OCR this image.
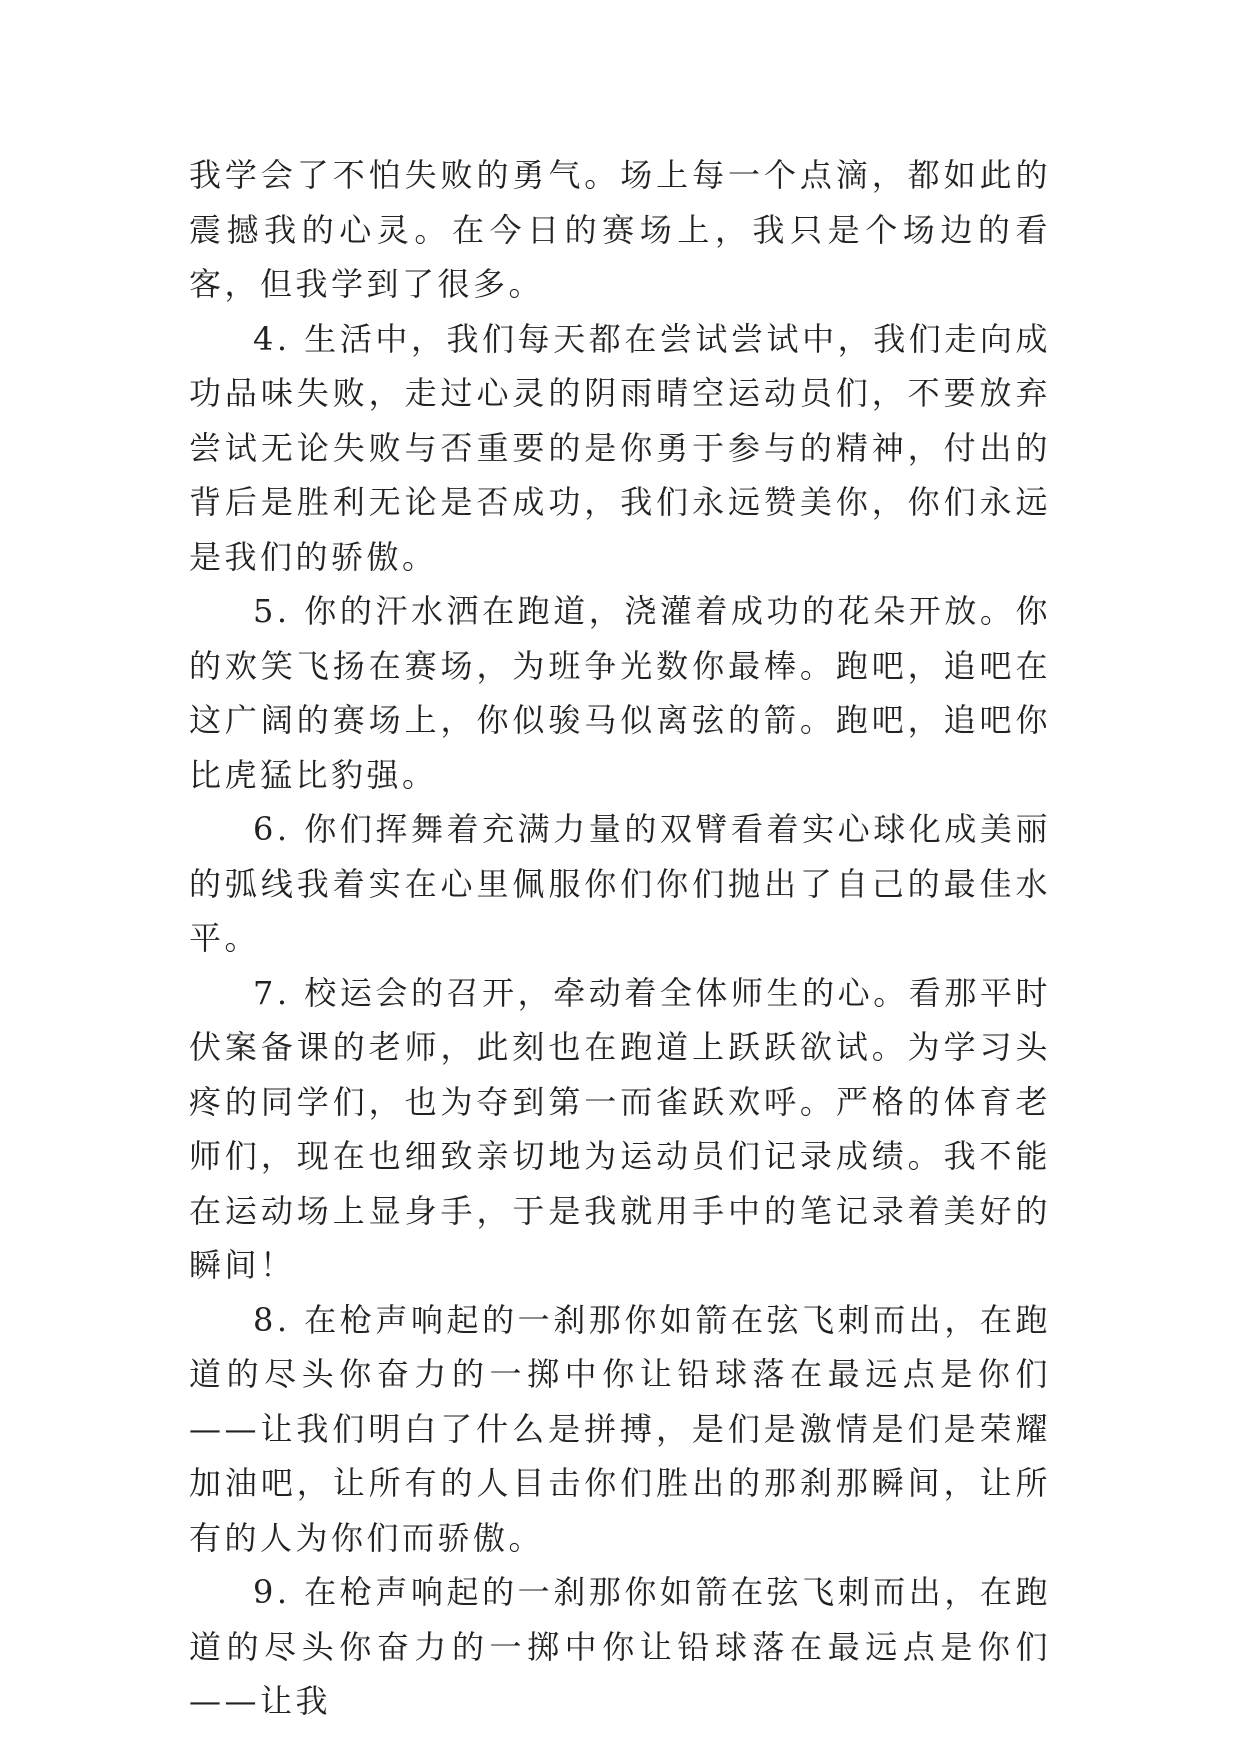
我学会了不怕失败的勇气。场上每一个点滴，都如此的震撼我的心灵。在今日的赛场上，我只是个场边的看客，但我学到了很多。

4. 生活中，我们每天都在尝试尝试中，我们走向成功品味失败，走过心灵的阴雨晴空运动员们，不要放弃尝试无论失败与否重要的是你勇于参与的精神，付出的背后是胜利无论是否成功，我们永远赞美你，你们永远是我们的骄傲。

5. 你的汗水洒在跑道，浇灌着成功的花朵开放。你的欢笑飞扬在赛场，为班争光数你最棒。跑吧，追吧在这广阔的赛场上，你似骏马似离弦的箭。跑吧，追吧你比虎猛比豹强。

6. 你们挥舞着充满力量的双臂看着实心球化成美丽的弧线我着实在心里佩服你们你们抛出了自己的最佳水平。

7. 校运会的召开，牵动着全体师生的心。看那平时伏案备课的老师，此刻也在跑道上跃跃欲试。为学习头疼的同学们，也为夺到第一而雀跃欢呼。严格的体育老师们，现在也细致亲切地为运动员们记录成绩。我不能在运动场上显身手，于是我就用手中的笔记录着美好的瞬间！

8. 在枪声响起的一刹那你如箭在弦飞刺而出，在跑道的尽头你奋力的一掷中你让铅球落在最远点是你们——让我们明白了什么是拼搏，是们是激情是们是荣耀加油吧，让所有的人目击你们胜出的那刹那瞬间，让所有的人为你们而骄傲。

9. 在枪声响起的一刹那你如箭在弦飞刺而出，在跑道的尽头你奋力的一掷中你让铅球落在最远点是你们——让我
